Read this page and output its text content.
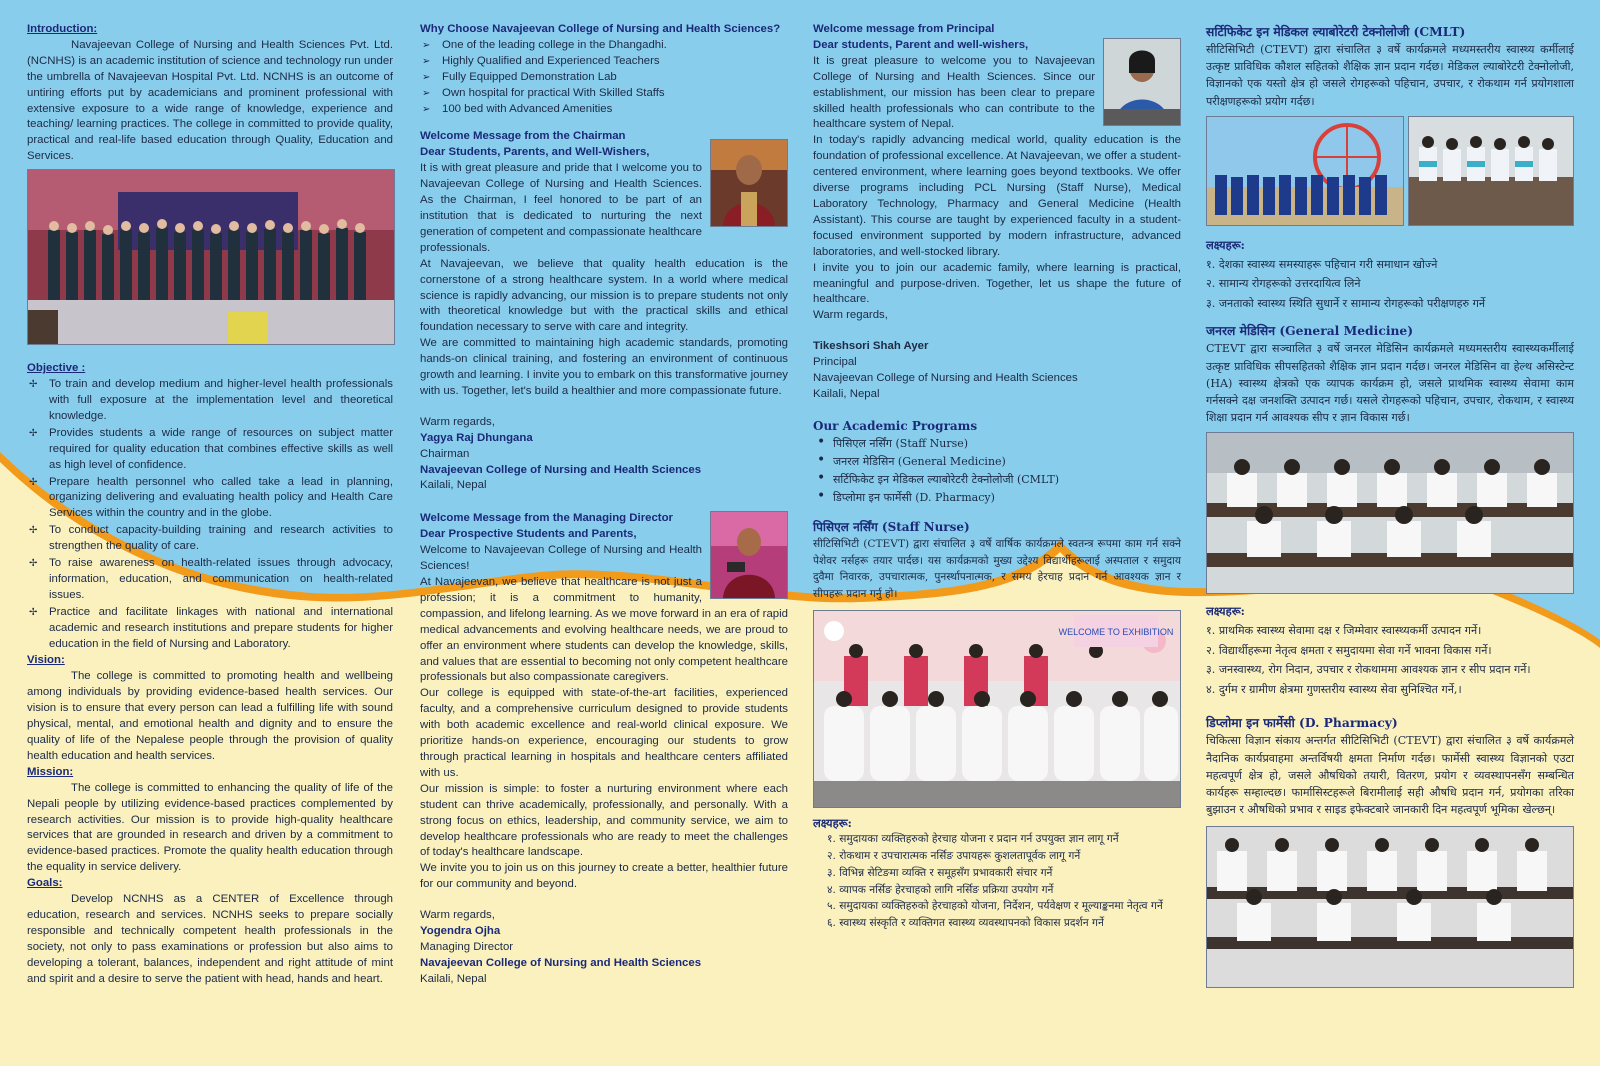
Introduction:

Navajeevan College of Nursing and Health Sciences Pvt. Ltd. (NCNHS) is an academic institution of science and technology run under the umbrella of Navajeevan Hospital Pvt. Ltd. NCNHS is an outcome of untiring efforts put by academicians and prominent professional with extensive exposure to a wide range of knowledge, experience and teaching/ learning practices. The college in committed to provide quality, practical and real-life based education through Quality, Education and Services.

Objective :
✢ To train and develop medium and higher-level health professionals with full exposure at the implementation level and theoretical knowledge.
✢ Provides students a wide range of resources on subject matter required for quality education that combines effective skills as well as high level of confidence.
✢ Prepare health personnel who called take a lead in planning, organizing delivering and evaluating health policy and Health Care Services within the country and in the globe.
✢ To conduct capacity-building training and research activities to strengthen the quality of care.
✢ To raise awareness on health-related issues through advocacy, information, education, and communication on health-related issues.
✢ Practice and facilitate linkages with national and international academic and research institutions and prepare students for higher education in the field of Nursing and Laboratory.
Vision:

The college is committed to promoting health and wellbeing among individuals by providing evidence-based health services. Our vision is to ensure that every person can lead a fulfilling life with sound physical, mental, and emotional health and dignity and to ensure the quality of life of the Nepalese people through the provision of quality health education and health services.

Mission:

The college is committed to enhancing the quality of life of the Nepali people by utilizing evidence-based practices complemented by research activities. Our mission is to provide high-quality healthcare services that are grounded in research and driven by a commitment to evidence-based practices. Promote the quality health education through the equality in service delivery.

Goals:

Develop NCNHS as a CENTER of Excellence through education, research and services. NCNHS seeks to prepare socially responsible and technically competent health professionals in the society, not only to pass examinations or profession but also aims to developing a tolerant, balances, independent and right attitude of mint and spirit and a desire to serve the patient with head, hands and heart.

Why Choose Navajeevan College of Nursing and Health Sciences?
➢ One of the leading college in the Dhangadhi.
➢ Highly Qualified and Experienced Teachers
➢ Fully Equipped Demonstration Lab
➢ Own hospital for practical With Skilled Staffs
➢ 100 bed with Advanced Amenities
Welcome Message from the Chairman
Dear Students, Parents, and Well-Wishers,

It is with great pleasure and pride that I welcome you to Navajeevan College of Nursing and Health Sciences. As the Chairman, I feel honored to be part of an institution that is dedicated to nurturing the next generation of competent and compassionate healthcare professionals.

At Navajeevan, we believe that quality health education is the cornerstone of a strong healthcare system. In a world where medical science is rapidly advancing, our mission is to prepare students not only with theoretical knowledge but with the practical skills and ethical foundation necessary to serve with care and integrity.

We are committed to maintaining high academic standards, promoting hands-on clinical training, and fostering an environment of continuous growth and learning. I invite you to embark on this transformative journey with us. Together, let's build a healthier and more compassionate future.

Warm regards,
Yagya Raj Dhungana
Chairman
Navajeevan College of Nursing and Health Sciences
Kailali, Nepal
Welcome Message from the Managing Director
Dear Prospective Students and Parents,

Welcome to Navajeevan College of Nursing and Health Sciences!

At Navajeevan, we believe that healthcare is not just a profession; it is a commitment to humanity, compassion, and lifelong learning. As we move forward in an era of rapid medical advancements and evolving healthcare needs, we are proud to offer an environment where students can develop the knowledge, skills, and values that are essential to becoming not only competent healthcare professionals but also compassionate caregivers.

Our college is equipped with state-of-the-art facilities, experienced faculty, and a comprehensive curriculum designed to provide students with both academic excellence and real-world clinical exposure. We prioritize hands-on experience, encouraging our students to grow through practical learning in hospitals and healthcare centers affiliated with us.

Our mission is simple: to foster a nurturing environment where each student can thrive academically, professionally, and personally. With a strong focus on ethics, leadership, and community service, we aim to develop healthcare professionals who are ready to meet the challenges of today's healthcare landscape.

We invite you to join us on this journey to create a better, healthier future for our community and beyond.

Warm regards,
Yogendra Ojha
Managing Director
Navajeevan College of Nursing and Health Sciences
Kailali, Nepal
Welcome message from Principal
Dear students, Parent and well-wishers,

It is great pleasure to welcome you to Navajeevan College of Nursing and Health Sciences. Since our establishment, our mission has been clear to prepare skilled health professionals who can contribute to the healthcare system of Nepal.

In today's rapidly advancing medical world, quality education is the foundation of professional excellence. At Navajeevan, we offer a student-centered environment, where learning goes beyond textbooks. We offer diverse programs including PCL Nursing (Staff Nurse), Medical Laboratory Technology, Pharmacy and General Medicine (Health Assistant). This course are taught by experienced faculty in a student-focused environment supported by modern infrastructure, advanced laboratories, and well-stocked library.

I invite you to join our academic family, where learning is practical, meaningful and purpose-driven. Together, let us shape the future of healthcare.

Warm regards,
Tikeshsori Shah Ayer
Principal
Navajeevan College of Nursing and Health Sciences
Kailali, Nepal
Our Academic Programs
• पिसिएल नर्सिंग (Staff Nurse)
• जनरल मेडिसिन (General Medicine)
• सर्टिफिकेट इन मेडिकल ल्याबोरेटरी टेक्नोलोजी (CMLT)
• डिप्लोमा इन फार्मेसी (D. Pharmacy)
पिसिएल नर्सिंग (Staff Nurse)

सीटिसिभिटी (CTEVT) द्वारा संचालित ३ वर्षे वार्षिक कार्यक्रमले स्वतन्त्र रूपमा काम गर्न सक्ने पेशेवर नर्सहरू तयार पार्दछ। यस कार्यक्रमको मुख्य उद्देश्य विद्यार्थीहरूलाई अस्पताल र समुदाय दुवैमा निवारक, उपचारात्मक, पुनर्स्थापनात्मक, र समय हेरचाह प्रदान गर्न आवश्यक ज्ञान र सीपहरू प्रदान गर्नु हो।

WELCOME TO EXHIBITION
लक्ष्यहरू:
१. समुदायका व्यक्तिहरुको हेरचाह योजना र प्रदान गर्न उपयुक्त ज्ञान लागू गर्ने
२. रोकथाम र उपचारात्मक नर्सिङ उपायहरू कुशलतापूर्वक लागू गर्ने
३. विभिन्न सेटिङमा व्यक्ति र समूहसँग प्रभावकारी संचार गर्ने
४. व्यापक नर्सिङ हेरचाहको लागि नर्सिङ प्रक्रिया उपयोग गर्ने
५. समुदायका व्यक्तिहरुको हेरचाहको योजना, निर्देशन, पर्यवेक्षण र मूल्याङ्कनमा नेतृत्व गर्ने
६. स्वास्थ्य संस्कृति र व्यक्तिगत स्वास्थ्य व्यवस्थापनको विकास प्रदर्शन गर्ने
सर्टिफिकेट इन मेडिकल ल्याबोरेटरी टेक्नोलोजी (CMLT)

सीटिसिभिटी (CTEVT) द्वारा संचालित ३ वर्षे कार्यक्रमले मध्यमस्तरीय स्वास्थ्य कर्मीलाई उत्कृष्ट प्राविधिक कौशल सहितको शैक्षिक ज्ञान प्रदान गर्दछ। मेडिकल ल्याबोरेटरी टेक्नोलोजी, विज्ञानको एक यस्तो क्षेत्र हो जसले रोगहरूको पहिचान, उपचार, र रोकथाम गर्न प्रयोगशाला परीक्षणहरूको प्रयोग गर्दछ।

लक्ष्यहरू:
१. देशका स्वास्थ्य समस्याहरू पहिचान गरी समाधान खोज्ने
२. सामान्य रोगहरूको उत्तरदायित्व लिने
३. जनताको स्वास्थ्य स्थिति सुधार्ने र सामान्य रोगहरूको परीक्षणहरु गर्ने
जनरल मेडिसिन (General Medicine)

CTEVT द्वारा सञ्चालित ३ वर्षे जनरल मेडिसिन कार्यक्रमले मध्यमस्तरीय स्वास्थ्यकर्मीलाई उत्कृष्ट प्राविधिक सीपसहितको शैक्षिक ज्ञान प्रदान गर्दछ। जनरल मेडिसिन वा हेल्थ असिस्टेन्ट (HA) स्वास्थ्य क्षेत्रको एक व्यापक कार्यक्रम हो, जसले प्राथमिक स्वास्थ्य सेवामा काम गर्नसक्ने दक्ष जनशक्ति उत्पादन गर्छ। यसले रोगहरूको पहिचान, उपचार, रोकथाम, र स्वास्थ्य शिक्षा प्रदान गर्न आवश्यक सीप र ज्ञान विकास गर्छ।

लक्ष्यहरू:
१. प्राथमिक स्वास्थ्य सेवामा दक्ष र जिम्मेवार स्वास्थ्यकर्मी उत्पादन गर्ने।
२. विद्यार्थीहरूमा नेतृत्व क्षमता र समुदायमा सेवा गर्ने भावना विकास गर्ने।
३. जनस्वास्थ्य, रोग निदान, उपचार र रोकथाममा आवश्यक ज्ञान र सीप प्रदान गर्ने।
४. दुर्गम र ग्रामीण क्षेत्रमा गुणस्तरीय स्वास्थ्य सेवा सुनिश्चित गर्ने,।
डिप्लोमा इन फार्मेसी (D. Pharmacy)

चिकित्सा विज्ञान संकाय अन्तर्गत सीटिसिभिटी (CTEVT) द्वारा संचालित ३ वर्षे कार्यक्रमले नैदानिक कार्यप्रवाहमा अन्तर्विषयी क्षमता निर्माण गर्दछ। फार्मेसी स्वास्थ्य विज्ञानको एउटा महत्वपूर्ण क्षेत्र हो, जसले औषधिको तयारी, वितरण, प्रयोग र व्यवस्थापनसँग सम्बन्धित कार्यहरू सम्हाल्दछ। फार्मासिस्टहरूले बिरामीलाई सही औषधि प्रदान गर्न, प्रयोगका तरिका बुझाउन र औषधिको प्रभाव र साइड इफेक्टबारे जानकारी दिन महत्वपूर्ण भूमिका खेल्छन्।
